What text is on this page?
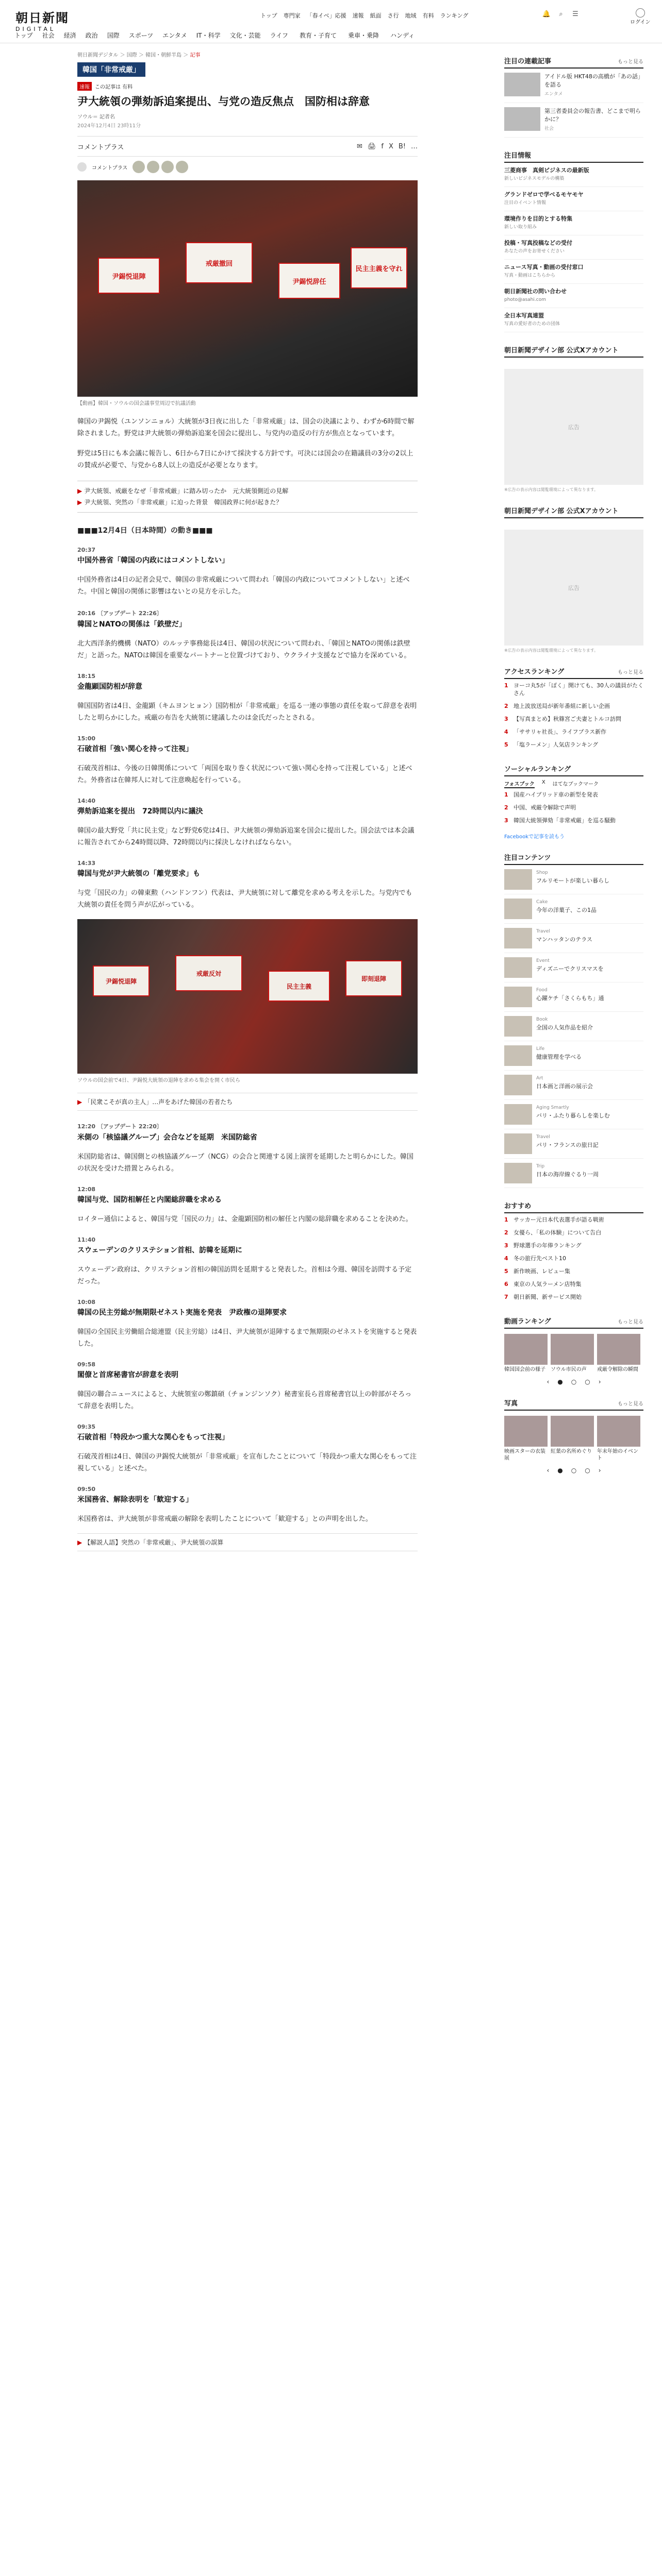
朝日新聞
DIGITAL
トップ 専門家 「春イベ」応援 速報 紙面 さ行 地域 有料 ランキング	🔔	⌕	☰
ログイン
トップ	社会	経済	政治	国際	スポーツ	エンタメ	IT・科学	文化・芸能	ライフ	教育・子育て	乗車・乗降	ハンディ
朝日新聞デジタル ＞ 国際 ＞ 韓国・朝鮮半島 ＞ 記事
韓国「非常戒厳」
速報	この記事は 有料
尹大統領の弾劾訴追案提出、与党の造反焦点　国防相は辞意
ソウル＝ 記者名
2024年12月4日 23時11分
コメントプラス	✉ 🖨 f X B! …
コメントプラス
尹錫悦退陣
戒厳撤回
尹錫悦辞任
民主主義を守れ
【動画】韓国・ソウルの国会議事堂周辺で抗議活動

韓国の尹錫悦（ユンソンニョル）大統領が3日夜に出した「非常戒厳」は、国会の決議により、わずか6時間で解除されました。野党は尹大統領の弾劾訴追案を国会に提出し、与党内の造反の行方が焦点となっています。

野党は5日にも本会議に報告し、6日から7日にかけて採決する方針です。可決には国会の在籍議員の3分の2以上の賛成が必要で、与党から8人以上の造反が必要となります。

▶ 尹大統領、戒厳をなぜ「非常戒厳」に踏み切ったか　元大統領側近の見解
▶ 尹大統領、突然の「非常戒厳」に迫った背景　韓国政界に何が起きた？
■■■12月4日（日本時間）の動き■■■
20:37
中国外務省「韓国の内政にはコメントしない」

中国外務省は4日の記者会見で、韓国の非常戒厳について問われ「韓国の内政についてコメントしない」と述べた。中国と韓国の関係に影響はないとの見方を示した。

20:16 〔アップデート 22:26〕
韓国とNATOの関係は「鉄壁だ」

北大西洋条約機構（NATO）のルッテ事務総長は4日、韓国の状況について問われ、「韓国とNATOの関係は鉄壁だ」と語った。NATOは韓国を重要なパートナーと位置づけており、ウクライナ支援などで協力を深めている。

18:15
金龍顕国防相が辞意

韓国国防省は4日、金龍顕（キムヨンヒョン）国防相が「非常戒厳」を巡る一連の事態の責任を取って辞意を表明したと明らかにした。戒厳の布告を大統領に建議したのは金氏だったとされる。

15:00
石破首相「強い関心を持って注視」

石破茂首相は、今後の日韓関係について「両国を取り巻く状況について強い関心を持って注視している」と述べた。外務省は在韓邦人に対して注意喚起を行っている。

14:40
弾劾訴追案を提出　72時間以内に議決

韓国の最大野党「共に民主党」など野党6党は4日、尹大統領の弾劾訴追案を国会に提出した。国会法では本会議に報告されてから24時間以降、72時間以内に採決しなければならない。

14:33
韓国与党が尹大統領の「離党要求」も

与党「国民の力」の韓東勲（ハンドンフン）代表は、尹大統領に対して離党を求める考えを示した。与党内でも大統領の責任を問う声が広がっている。

尹錫悦退陣
戒厳反対
民主主義
即刻退陣
ソウルの国会前で4日、尹錫悦大統領の退陣を求める集会を開く市民ら
▶ 「民衆こそが真の主人」…声をあげた韓国の若者たち
12:20 〔アップデート 22:20〕
米側の「核協議グループ」会合などを延期　米国防総省

米国防総省は、韓国側との核協議グループ（NCG）の会合と関連する図上演習を延期したと明らかにした。韓国の状況を受けた措置とみられる。

12:08
韓国与党、国防相解任と内閣総辞職を求める

ロイター通信によると、韓国与党「国民の力」は、金龍顕国防相の解任と内閣の総辞職を求めることを決めた。

11:40
スウェーデンのクリステション首相、訪韓を延期に

スウェーデン政府は、クリステション首相の韓国訪問を延期すると発表した。首相は今週、韓国を訪問する予定だった。

10:08
韓国の民主労総が無期限ゼネスト実施を発表　尹政権の退陣要求

韓国の全国民主労働組合総連盟（民主労総）は4日、尹大統領が退陣するまで無期限のゼネストを実施すると発表した。

09:58
閣僚と首席秘書官が辞意を表明

韓国の聯合ニュースによると、大統領室の鄭鎮碩（チョンジンソク）秘書室長ら首席秘書官以上の幹部がそろって辞意を表明した。

09:35
石破首相「特段かつ重大な関心をもって注視」

石破茂首相は4日、韓国の尹錫悦大統領が「非常戒厳」を宣布したことについて「特段かつ重大な関心をもって注視している」と述べた。

09:50
米国務省、解除表明を「歓迎する」

米国務省は、尹大統領が非常戒厳の解除を表明したことについて「歓迎する」との声明を出した。

▶ 【解説人語】突然の「非常戒厳」、尹大統領の誤算
注目の連載記事	もっと見る
アイドル版 HKT48の高橋が「あの話」を語る
エンタメ
第三者委員会の報告書、どこまで明らかに？
社会
注目情報
三菱商事　真剣ビジネスの最新版
新しいビジネスモデルの構築
グランドゼロで学べるモヤモヤ
注目のイベント情報
環境作りを目的とする特集
新しい取り組み
投稿・写真投稿などの受付
あなたの声をお寄せください
ニュース写真・動画の受付窓口
写真・動画はこちらから
朝日新聞社の問い合わせ
photo@asahi.com
全日本写真連盟
写真の愛好者のための団体
朝日新聞デザイン部 公式Xアカウント
広告
※広告の表示内容は閲覧環境によって異なります。
朝日新聞デザイン部 公式Xアカウント
広告
※広告の表示内容は閲覧環境によって異なります。
アクセスランキング	もっと見る
1 ヨーコ丸5が「ぽく」開けても、30人の議員がたくさん
2 地上波放送局が新年番組に新しい企画
3 【写真まとめ】秋篠宮ご夫妻とトルコ訪問
4 「ササリャ社長」、ライフプラス新作
5 「塩ラーメン」人気店ランキング
ソーシャルランキング
フォスブック X はてなブックマーク
1 国産ハイブリッド車の新型を発表
2 中国、戒厳令解除で声明
3 韓国大統領弾劾「非常戒厳」を巡る騒動
Facebookで記事を読もう
注目コンテンツ
Shop
フルリモートが楽しい暮らし
Cake
今年の洋菓子、この1品
Travel
マンハッタンのテラス
Event
ディズニーでクリスマスを
Food
心躍ケチ「さくらもち」通
Book
全国の人気作品を紹介
Life
健康管理を学べる
Art
日本画と洋画の展示会
Aging Smartly
バリ・ふたり暮らしを楽しむ
Travel
パリ・フランスの旅日記
Trip
日本の海岸線ぐるり一周
おすすめ
1 サッカー元日本代表選手が語る戦術
2 女優ら、「私の体験」について告白
3 野球選手の年俸ランキング
4 冬の旅行先ベスト10
5 新作映画、レビュー集
6 東京の人気ラーメン店特集
7 朝日新聞、新サービス開始
動画ランキング	もっと見る
韓国国会前の様子	ソウル市民の声	戒厳令解除の瞬間
‹ ● ○ ○ ›
写真	もっと見る
映画スターの衣装展
紅葉の名所めぐり	年末年始のイベント
‹ ● ○ ○ ›
